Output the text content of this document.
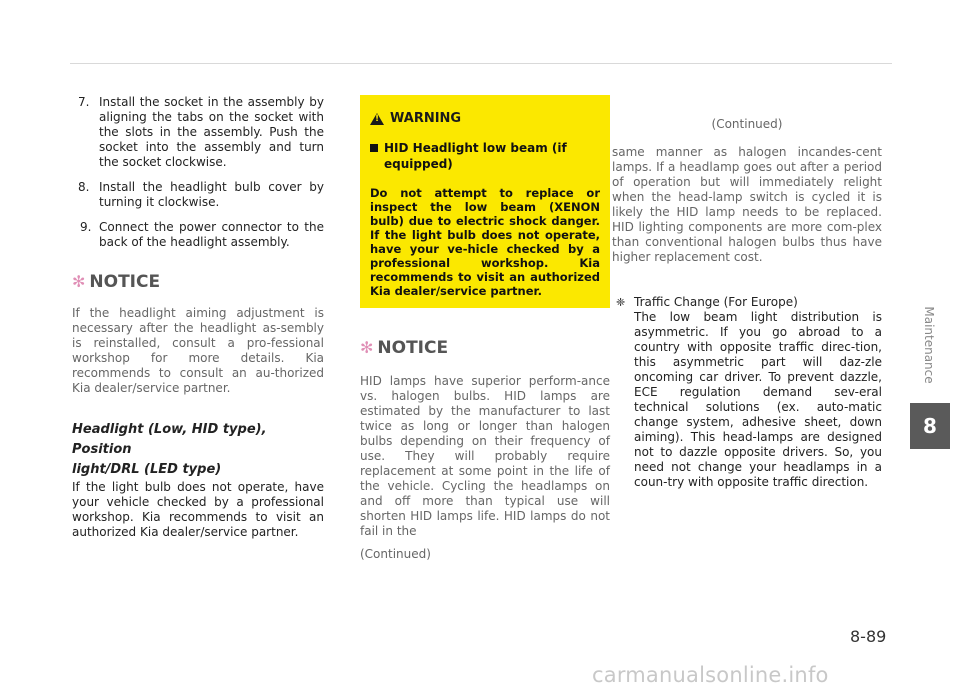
7. Install the socket in the assembly by aligning the tabs on the socket with the slots in the assembly. Push the socket into the assembly and turn the socket clockwise.
8. Install the headlight bulb cover by turning it clockwise.
9. Connect the power connector to the back of the headlight assembly.
✻ NOTICE

If the headlight aiming adjustment is necessary after the headlight as-sembly is reinstalled, consult a pro-fessional workshop for more details. Kia recommends to consult an au-thorized Kia dealer/service partner.

Headlight (Low, HID type), Position
light/DRL (LED type)

If the light bulb does not operate, have your vehicle checked by a professional workshop. Kia recommends to visit an authorized Kia dealer/service partner.

!
WARNING
HID Headlight low beam (if equipped)

Do not attempt to replace or inspect the low beam (XENON bulb) due to electric shock danger. If the light bulb does not operate, have your ve-hicle checked by a professional workshop. Kia recommends to visit an authorized Kia dealer/service partner.

✻ NOTICE

HID lamps have superior perform-ance vs. halogen bulbs. HID lamps are estimated by the manufacturer to last twice as long or longer than halogen bulbs depending on their frequency of use. They will probably require replacement at some point in the life of the vehicle. Cycling the headlamps on and off more than typical use will shorten HID lamps life. HID lamps do not fail in the

(Continued)

(Continued)

same manner as halogen incandes-cent lamps. If a headlamp goes out after a period of operation but will immediately relight when the head-lamp switch is cycled it is likely the HID lamp needs to be replaced. HID lighting components are more com-plex than conventional halogen bulbs thus have higher replacement cost.

❈ Traffic Change (For Europe)
The low beam light distribution is asymmetric. If you go abroad to a country with opposite traffic direc-tion, this asymmetric part will daz-zle oncoming car driver. To prevent dazzle, ECE regulation demand sev-eral technical solutions (ex. auto-matic change system, adhesive sheet, down aiming). This head-lamps are designed not to dazzle opposite drivers. So, you need not change your headlamps in a coun-try with opposite traffic direction.
Maintenance
8
8-89
carmanualsonline.info
